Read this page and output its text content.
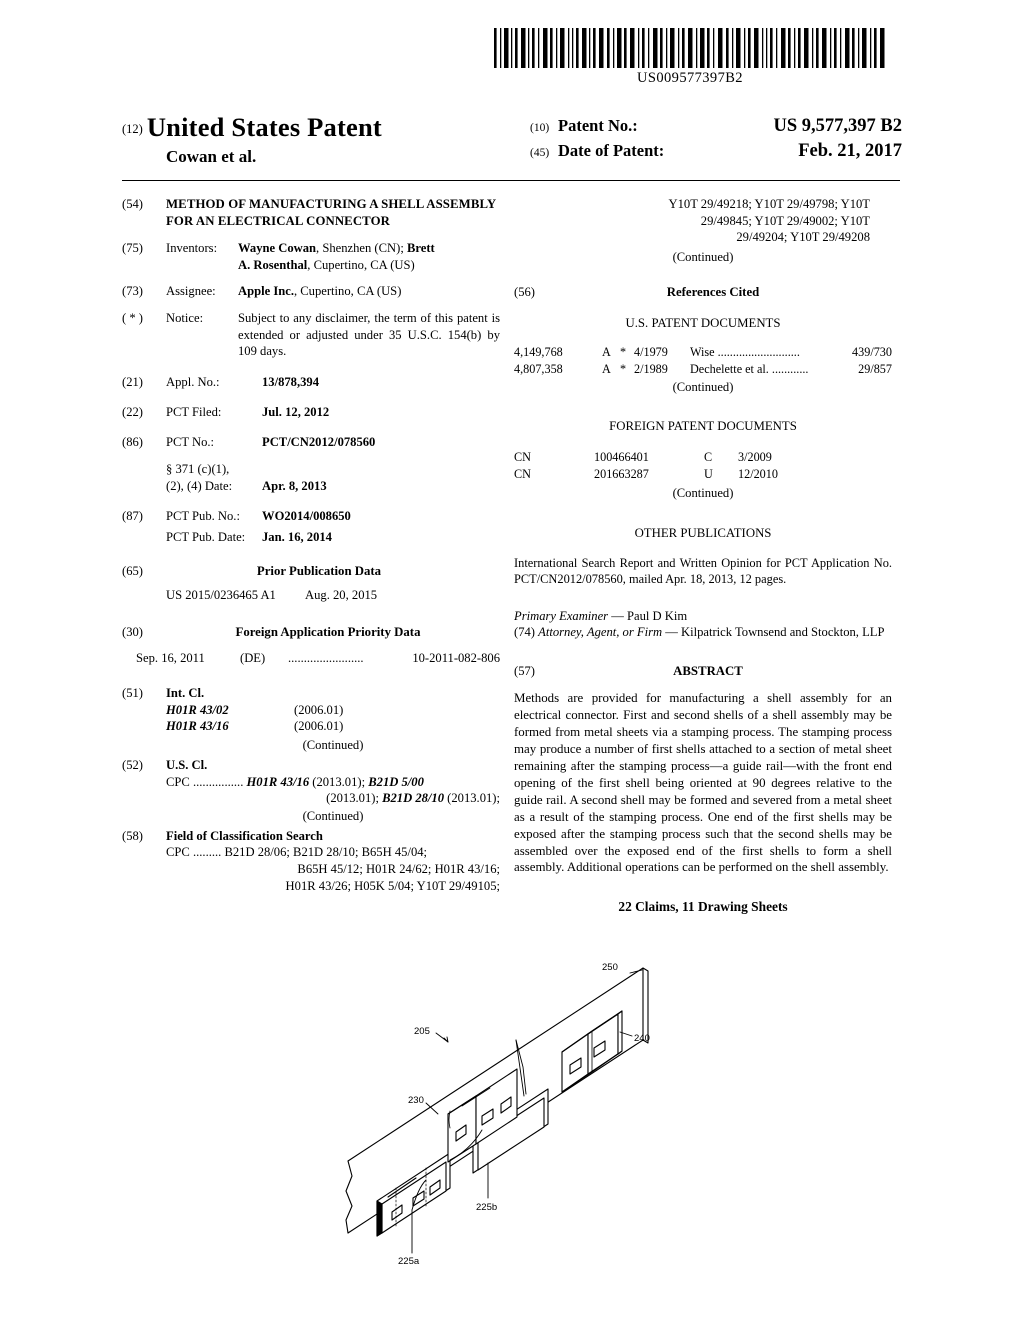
US009577397B2
(12) United States Patent
Cowan et al.
(10) Patent No.:	US 9,577,397 B2
(45) Date of Patent:	Feb. 21, 2017
(54)	METHOD OF MANUFACTURING A SHELL ASSEMBLY FOR AN ELECTRICAL CONNECTOR
(75)	Inventors:	Wayne Cowan, Shenzhen (CN); Brett
A. Rosenthal, Cupertino, CA (US)
(73)	Assignee:	Apple Inc., Cupertino, CA (US)
( * )	Notice:	Subject to any disclaimer, the term of this patent is extended or adjusted under 35 U.S.C. 154(b) by 109 days.
(21)	Appl. No.:	13/878,394
(22)	PCT Filed:	Jul. 12, 2012
(86)	PCT No.:	PCT/CN2012/078560
§ 371 (c)(1),
(2), (4) Date:	Apr. 8, 2013
(87)	PCT Pub. No.:	WO2014/008650
PCT Pub. Date:	Jan. 16, 2014
(65)	Prior Publication Data
US 2015/0236465 A1 Aug. 20, 2015
(30)	Foreign Application Priority Data
Sep. 16, 2011	(DE)	........................	10-2011-082-806
(51)	Int. Cl.
H01R 43/02	(2006.01)
H01R 43/16	(2006.01)
(Continued)
(52)	U.S. Cl.
CPC ................ H01R 43/16 (2013.01); B21D 5/00
(2013.01); B21D 28/10 (2013.01);
(Continued)
(58)	Field of Classification Search
CPC ......... B21D 28/06; B21D 28/10; B65H 45/04;
B65H 45/12; H01R 24/62; H01R 43/16;
H01R 43/26; H05K 5/04; Y10T 29/49105;
Y10T 29/49218; Y10T 29/49798; Y10T
29/49845; Y10T 29/49002; Y10T
29/49204; Y10T 29/49208
(Continued)
(56)	References Cited
U.S. PATENT DOCUMENTS
4,149,768	A	*	4/1979	Wise ...........................	439/730
4,807,358	A	*	2/1989	Dechelette et al. ............	29/857
(Continued)
FOREIGN PATENT DOCUMENTS
CN	100466401	C	3/2009
CN	201663287	U	12/2010
(Continued)
OTHER PUBLICATIONS
International Search Report and Written Opinion for PCT Application No. PCT/CN2012/078560, mailed Apr. 18, 2013, 12 pages.
Primary Examiner — Paul D Kim
(74) Attorney, Agent, or Firm — Kilpatrick Townsend and Stockton, LLP
(57)	ABSTRACT
Methods are provided for manufacturing a shell assembly for an electrical connector. First and second shells of a shell assembly may be formed from metal sheets via a stamping process. The stamping process may produce a number of first shells attached to a section of metal sheet remaining after the stamping process—a guide rail—with the front end opening of the first shell being oriented at 90 degrees relative to the guide rail. A second shell may be formed and severed from a metal sheet as a result of the stamping process. One end of the first shells may be exposed after the stamping process such that the second shells may be assembled over the exposed end of the first shells to form a shell assembly. Additional operations can be performed on the shell assembly.
22 Claims, 11 Drawing Sheets
250
240
205
230
225a
225b
